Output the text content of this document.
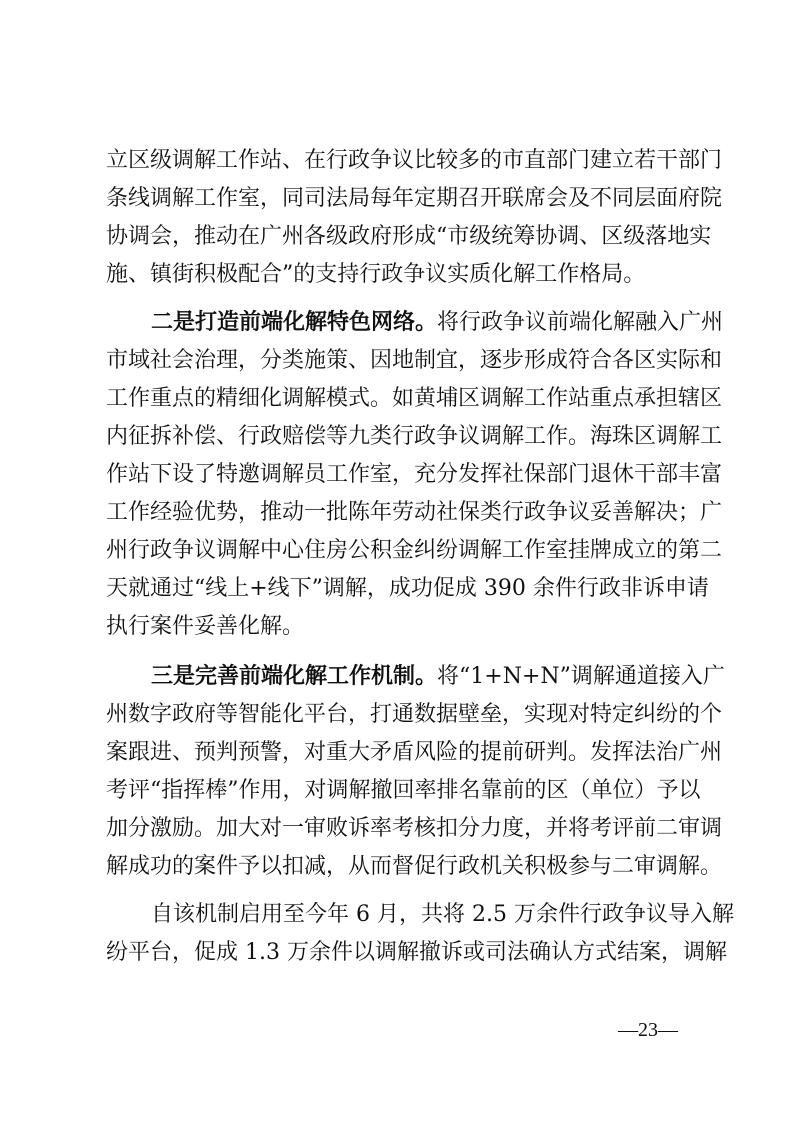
立区级调解工作站、在行政争议比较多的市直部门建立若干部门
条线调解工作室，同司法局每年定期召开联席会及不同层面府院
协调会，推动在广州各级政府形成“市级统筹协调、区级落地实
施、镇街积极配合”的支持行政争议实质化解工作格局。
二是打造前端化解特色网络。将行政争议前端化解融入广州
市域社会治理，分类施策、因地制宜，逐步形成符合各区实际和
工作重点的精细化调解模式。如黄埔区调解工作站重点承担辖区
内征拆补偿、行政赔偿等九类行政争议调解工作。海珠区调解工
作站下设了特邀调解员工作室，充分发挥社保部门退休干部丰富
工作经验优势，推动一批陈年劳动社保类行政争议妥善解决；广
州行政争议调解中心住房公积金纠纷调解工作室挂牌成立的第二
天就通过“线上+线下”调解，成功促成 390 余件行政非诉申请
执行案件妥善化解。
三是完善前端化解工作机制。将“1+N+N”调解通道接入广
州数字政府等智能化平台，打通数据壁垒，实现对特定纠纷的个
案跟进、预判预警，对重大矛盾风险的提前研判。发挥法治广州
考评“指挥棒”作用，对调解撤回率排名靠前的区（单位）予以
加分激励。加大对一审败诉率考核扣分力度，并将考评前二审调
解成功的案件予以扣减，从而督促行政机关积极参与二审调解。
自该机制启用至今年 6 月，共将 2.5 万余件行政争议导入解
纷平台，促成 1.3 万余件以调解撤诉或司法确认方式结案，调解
—23—
